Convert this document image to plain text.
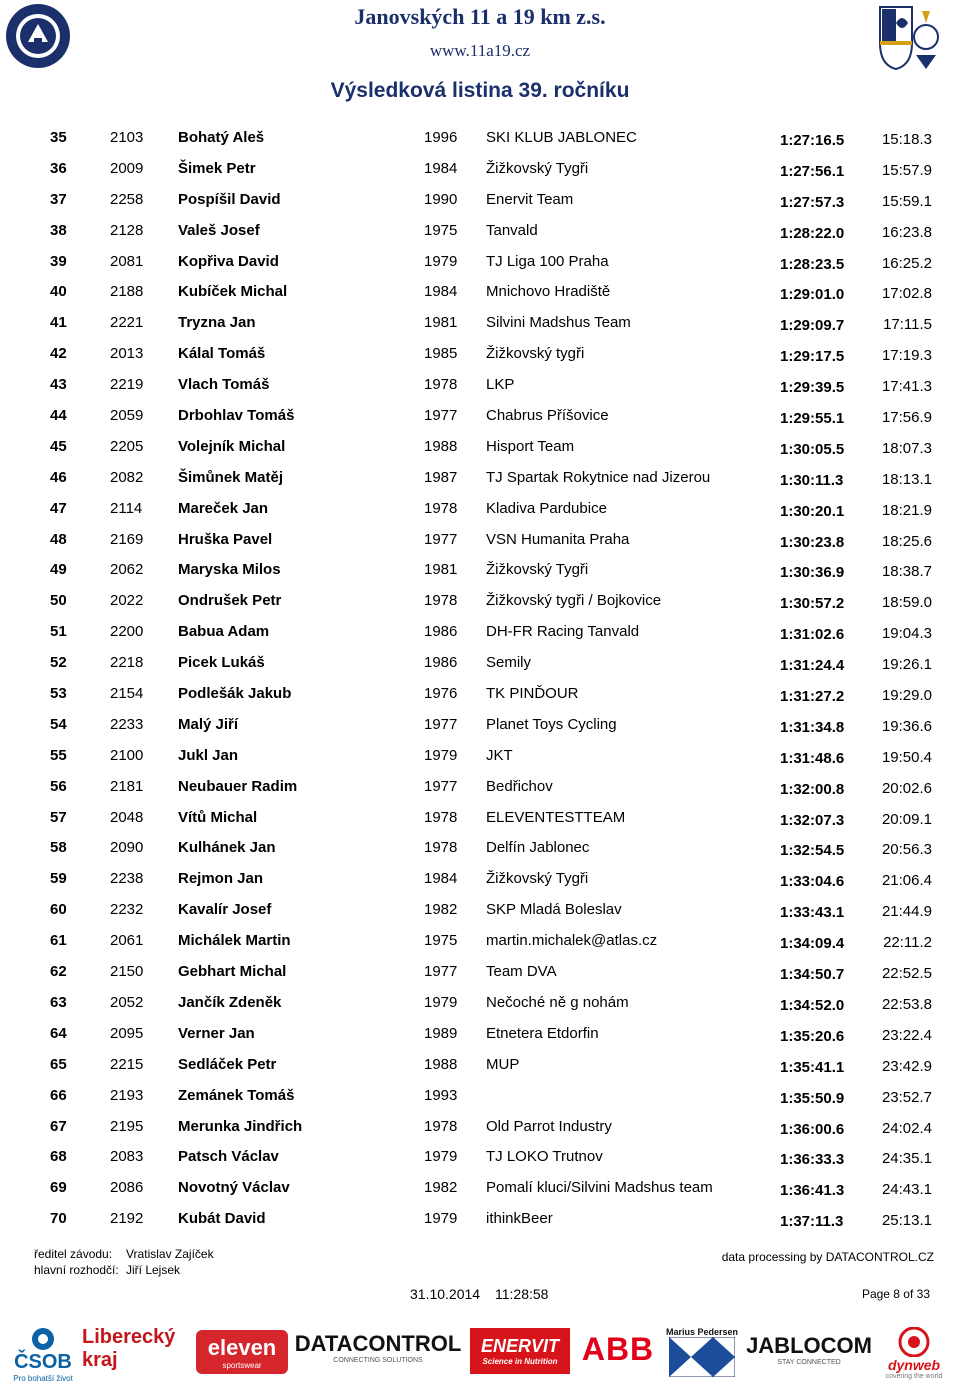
Janovských 11 a 19 km z.s.
www.11a19.cz
Výsledková listina 39. ročníku
35	2103 Bohatý Aleš	1996 SKI KLUB JABLONEC	1:27:16.5	15:18.3
36	2009 Šimek Petr	1984 Žižkovský Tygři	1:27:56.1	15:57.9
37	2258 Pospíšil David	1990 Enervit Team	1:27:57.3	15:59.1
38	2128 Valeš Josef	1975 Tanvald	1:28:22.0	16:23.8
39	2081 Kopřiva David	1979 TJ Liga 100 Praha	1:28:23.5	16:25.2
40	2188 Kubíček Michal	1984 Mnichovo Hradiště	1:29:01.0	17:02.8
41	2221 Tryzna Jan	1981 Silvini Madshus Team	1:29:09.7	17:11.5
42	2013 Kálal Tomáš	1985 Žižkovský tygři	1:29:17.5	17:19.3
43	2219 Vlach Tomáš	1978 LKP	1:29:39.5	17:41.3
44	2059 Drbohlav Tomáš	1977 Chabrus Příšovice	1:29:55.1	17:56.9
45	2205 Volejník Michal	1988 Hisport Team	1:30:05.5	18:07.3
46	2082 Šimůnek Matěj	1987 TJ Spartak Rokytnice nad Jizerou	1:30:11.3	18:13.1
47	2114 Mareček Jan	1978 Kladiva Pardubice	1:30:20.1	18:21.9
48	2169 Hruška Pavel	1977 VSN Humanita Praha	1:30:23.8	18:25.6
49	2062 Maryska Milos	1981 Žižkovský Tygři	1:30:36.9	18:38.7
50	2022 Ondrušek Petr	1978 Žižkovský tygři / Bojkovice	1:30:57.2	18:59.0
51	2200 Babua Adam	1986 DH-FR Racing Tanvald	1:31:02.6	19:04.3
52	2218 Picek Lukáš	1986 Semily	1:31:24.4	19:26.1
53	2154 Podlešák Jakub	1976 TK PINĎOUR	1:31:27.2	19:29.0
54	2233 Malý Jiří	1977 Planet Toys Cycling	1:31:34.8	19:36.6
55	2100 Jukl Jan	1979 JKT	1:31:48.6	19:50.4
56	2181 Neubauer Radim	1977 Bedřichov	1:32:00.8	20:02.6
57	2048 Vítů Michal	1978 ELEVENTESTTEAM	1:32:07.3	20:09.1
58	2090 Kulhánek Jan	1978 Delfín Jablonec	1:32:54.5	20:56.3
59	2238 Rejmon Jan	1984 Žižkovský Tygři	1:33:04.6	21:06.4
60	2232 Kavalír Josef	1982 SKP Mladá Boleslav	1:33:43.1	21:44.9
61	2061 Michálek Martin	1975 martin.michalek@atlas.cz	1:34:09.4	22:11.2
62	2150 Gebhart Michal	1977 Team DVA	1:34:50.7	22:52.5
63	2052 Jančík Zdeněk	1979 Nečoché ně g nohám	1:34:52.0	22:53.8
64	2095 Verner Jan	1989 Etnetera Etdorfin	1:35:20.6	23:22.4
65	2215 Sedláček Petr	1988 MUP	1:35:41.1	23:42.9
66	2193 Zemánek Tomáš	1993	1:35:50.9	23:52.7
67	2195 Merunka Jindřich	1978 Old Parrot Industry	1:36:00.6	24:02.4
68	2083 Patsch Václav	1979 TJ LOKO Trutnov	1:36:33.3	24:35.1
69	2086 Novotný Václav	1982 Pomalí kluci/Silvini Madshus team	1:36:41.3	24:43.1
70	2192 Kubát David	1979 ithinkBeer	1:37:11.3	25:13.1
ředitel závodu: Vratislav Zajíček
hlavní rozhodčí: Jiří Lejsek
data processing by DATACONTROL.CZ
31.10.2014 11:28:58	Page 8 of 33
ČSOB
Pro bohatší život
Liberecký
kraj
eleven
sportswear
DATACONTROL
CONNECTING SOLUTIONS
ENERVIT
Science in Nutrition ABB Marius Pedersen
JABLOCOM
STAY CONNECTED	dynweb
covering the world
